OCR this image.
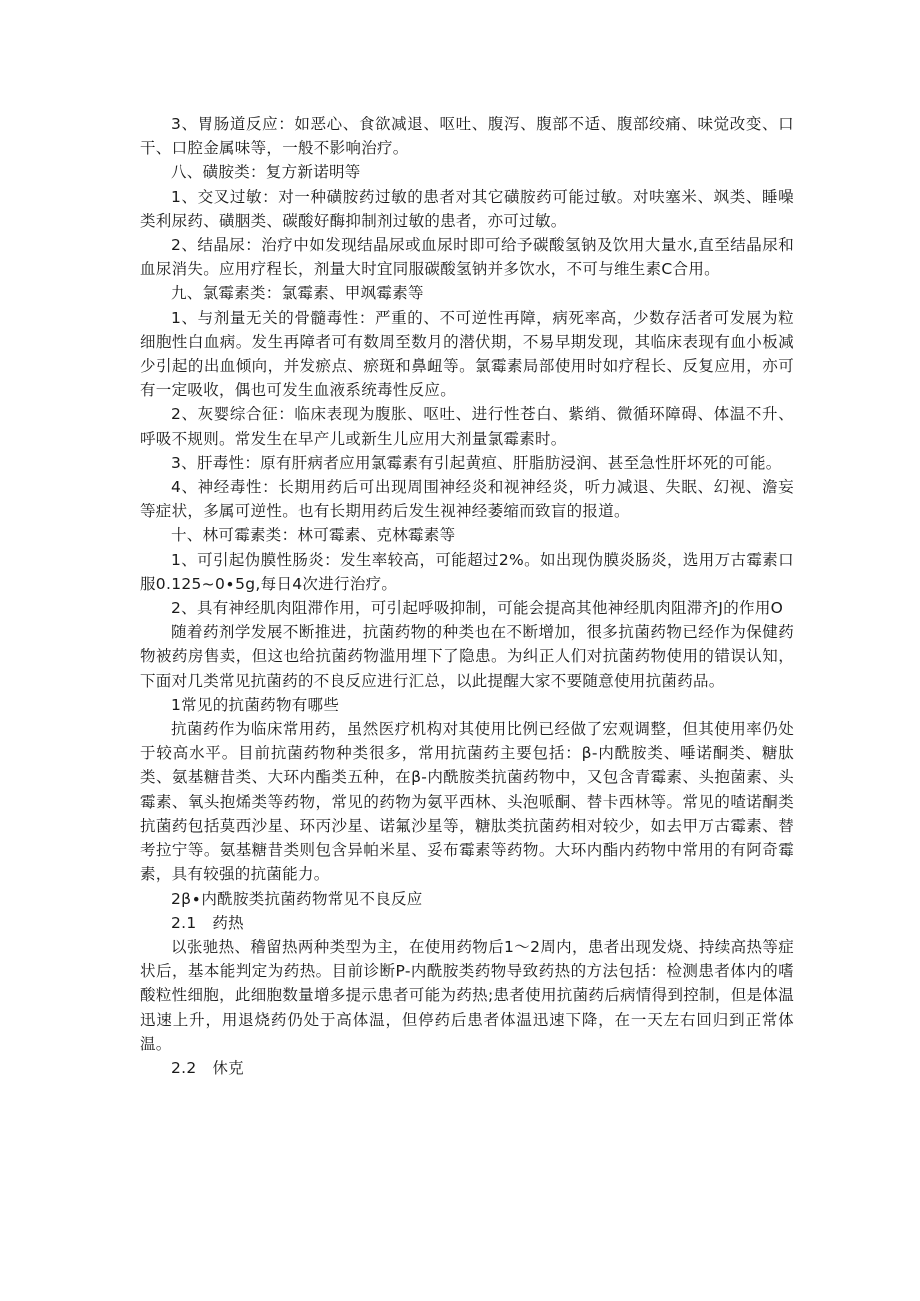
3、胃肠道反应：如恶心、食欲减退、呕吐、腹泻、腹部不适、腹部绞痛、味觉改变、口干、口腔金属味等，一般不影响治疗。

八、磺胺类：复方新诺明等

1、交叉过敏：对一种磺胺药过敏的患者对其它磺胺药可能过敏。对呋塞米、飒类、睡噪类利尿药、磺胭类、碳酸好酶抑制剂过敏的患者，亦可过敏。

2、结晶尿：治疗中如发现结晶尿或血尿时即可给予碳酸氢钠及饮用大量水,直至结晶尿和血尿消失。应用疗程长，剂量大时宜同服碳酸氢钠并多饮水，不可与维生素C合用。

九、氯霉素类：氯霉素、甲飒霉素等

1、与剂量无关的骨髓毒性：严重的、不可逆性再障，病死率高，少数存活者可发展为粒细胞性白血病。发生再障者可有数周至数月的潜伏期，不易早期发现，其临床表现有血小板减少引起的出血倾向，并发瘀点、瘀斑和鼻衄等。氯霉素局部使用时如疗程长、反复应用，亦可有一定吸收，偶也可发生血液系统毒性反应。

2、灰婴综合征：临床表现为腹胀、呕吐、进行性苍白、紫绡、微循环障碍、体温不升、呼吸不规则。常发生在早产儿或新生儿应用大剂量氯霉素时。

3、肝毒性：原有肝病者应用氯霉素有引起黄疸、肝脂肪浸润、甚至急性肝坏死的可能。

4、神经毒性：长期用药后可出现周围神经炎和视神经炎，听力减退、失眠、幻视、澹妄等症状，多属可逆性。也有长期用药后发生视神经萎缩而致盲的报道。

十、林可霉素类：林可霉素、克林霉素等

1、可引起伪膜性肠炎：发生率较高，可能超过2%。如出现伪膜炎肠炎，选用万古霉素口服0.125~0∙5g,每日4次进行治疗。

2、具有神经肌肉阻滞作用，可引起呼吸抑制，可能会提高其他神经肌肉阻滞齐J的作用O

随着药剂学发展不断推进，抗菌药物的种类也在不断增加，很多抗菌药物已经作为保健药物被药房售卖，但这也给抗菌药物滥用埋下了隐患。为纠正人们对抗菌药物使用的错误认知，下面对几类常见抗菌药的不良反应进行汇总，以此提醒大家不要随意使用抗菌药品。

1常见的抗菌药物有哪些

抗菌药作为临床常用药，虽然医疗机构对其使用比例已经做了宏观调整，但其使用率仍处于较高水平。目前抗菌药物种类很多，常用抗菌药主要包括：β-内酰胺类、唾诺酮类、糖肽类、氨基糖昔类、大环内酯类五种，在β-内酰胺类抗菌药物中，又包含青霉素、头抱菌素、头霉素、氧头抱烯类等药物，常见的药物为氨平西林、头泡哌酮、替卡西林等。常见的喳诺酮类抗菌药包括莫西沙星、环丙沙星、诺氟沙星等，糖肽类抗菌药相对较少，如去甲万古霉素、替考拉宁等。氨基糖昔类则包含异帕米星、妥布霉素等药物。大环内酯内药物中常用的有阿奇霉素，具有较强的抗菌能力。

2β∙内酰胺类抗菌药物常见不良反应

2.1　药热

以张驰热、稽留热两种类型为主，在使用药物后1〜2周内，患者出现发烧、持续高热等症状后，基本能判定为药热。目前诊断P-内酰胺类药物导致药热的方法包括：检测患者体内的嗜酸粒性细胞，此细胞数量增多提示患者可能为药热;患者使用抗菌药后病情得到控制，但是体温迅速上升，用退烧药仍处于高体温，但停药后患者体温迅速下降，在一天左右回归到正常体温。

2.2　休克
